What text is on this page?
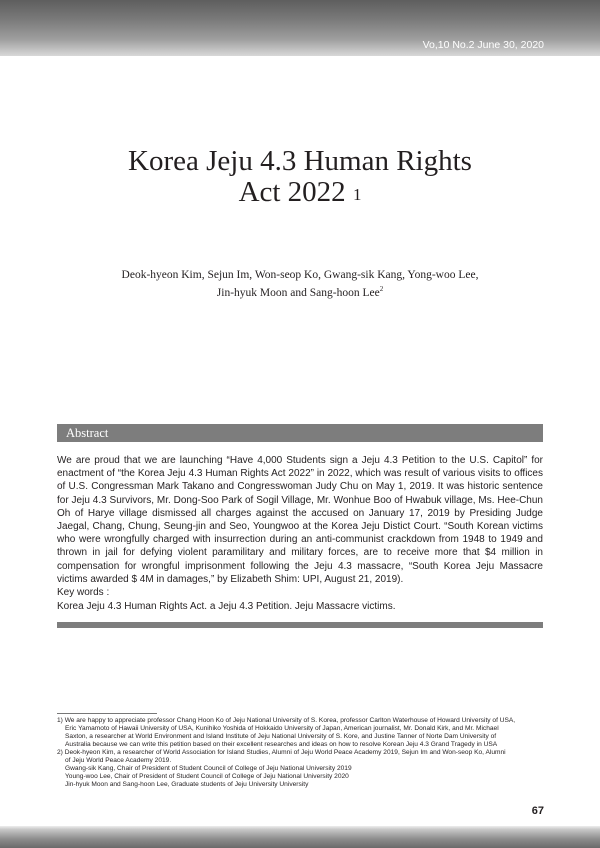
Vo,10 No.2 June 30, 2020
Korea Jeju 4.3 Human Rights
Act 2022 $^1$
Deok-hyeon Kim, Sejun Im, Won-seop Ko, Gwang-sik Kang, Yong-woo Lee,
Jin-hyuk Moon and Sang-hoon Lee$^2$
Abstract
We are proud that we are launching “Have 4,000 Students sign a Jeju 4.3 Petition to the U.S. Capitol” for enactment of “the Korea Jeju 4.3 Human Rights Act 2022” in 2022, which was result of various visits to offices of U.S. Congressman Mark Takano and Congresswoman Judy Chu on May 1, 2019. It was historic sentence for Jeju 4.3 Survivors, Mr. Dong-Soo Park of Sogil Village, Mr. Wonhue Boo of Hwabuk village, Ms. Hee-Chun Oh of Harye village dismissed all charges against the accused on January 17, 2019 by Presiding Judge Jaegal, Chang, Chung, Seung-jin and Seo, Youngwoo at the Korea Jeju Distict Court. “South Korean victims who were wrongfully charged with insurrection during an anti-communist crackdown from 1948 to 1949 and thrown in jail for defying violent paramilitary and military forces, are to receive more that $4 million in compensation for wrongful imprisonment following the Jeju 4.3 massacre, “South Korea Jeju Massacre victims awarded $ 4M in damages,” by Elizabeth Shim: UPI, August 21, 2019).
Key words :
Korea Jeju 4.3 Human Rights Act. a Jeju 4.3 Petition. Jeju Massacre victims.
1) We are happy to appreciate professor Chang Hoon Ko of Jeju National University of S. Korea, professor Carlton Waterhouse of Howard University of USA,
Eric Yamamoto of Hawaii University of USA, Kunihiko Yoshida of Hokkaido University of Japan, American journalist, Mr. Donald Kirk, and Mr. Michael
Saxton, a researcher at World Environment and Island Institute of Jeju National University of S. Kore, and Justine Tanner of Norte Dam University of
Australia because we can write this petition based on their excellent researches and ideas on how to resolve Korean Jeju 4.3 Grand Tragedy in USA
2) Deok-hyeon Kim, a researcher of World Association for Island Studies, Alumni of Jeju World Peace Academy 2019, Sejun Im and Won-seop Ko, Alumni
of Jeju World Peace Academy 2019.
Gwang-sik Kang, Chair of President of Student Council of College of Jeju National University 2019
Young-woo Lee, Chair of President of Student Council of College of Jeju National University 2020
Jin-hyuk Moon and Sang-hoon Lee, Graduate students of Jeju University University
67
